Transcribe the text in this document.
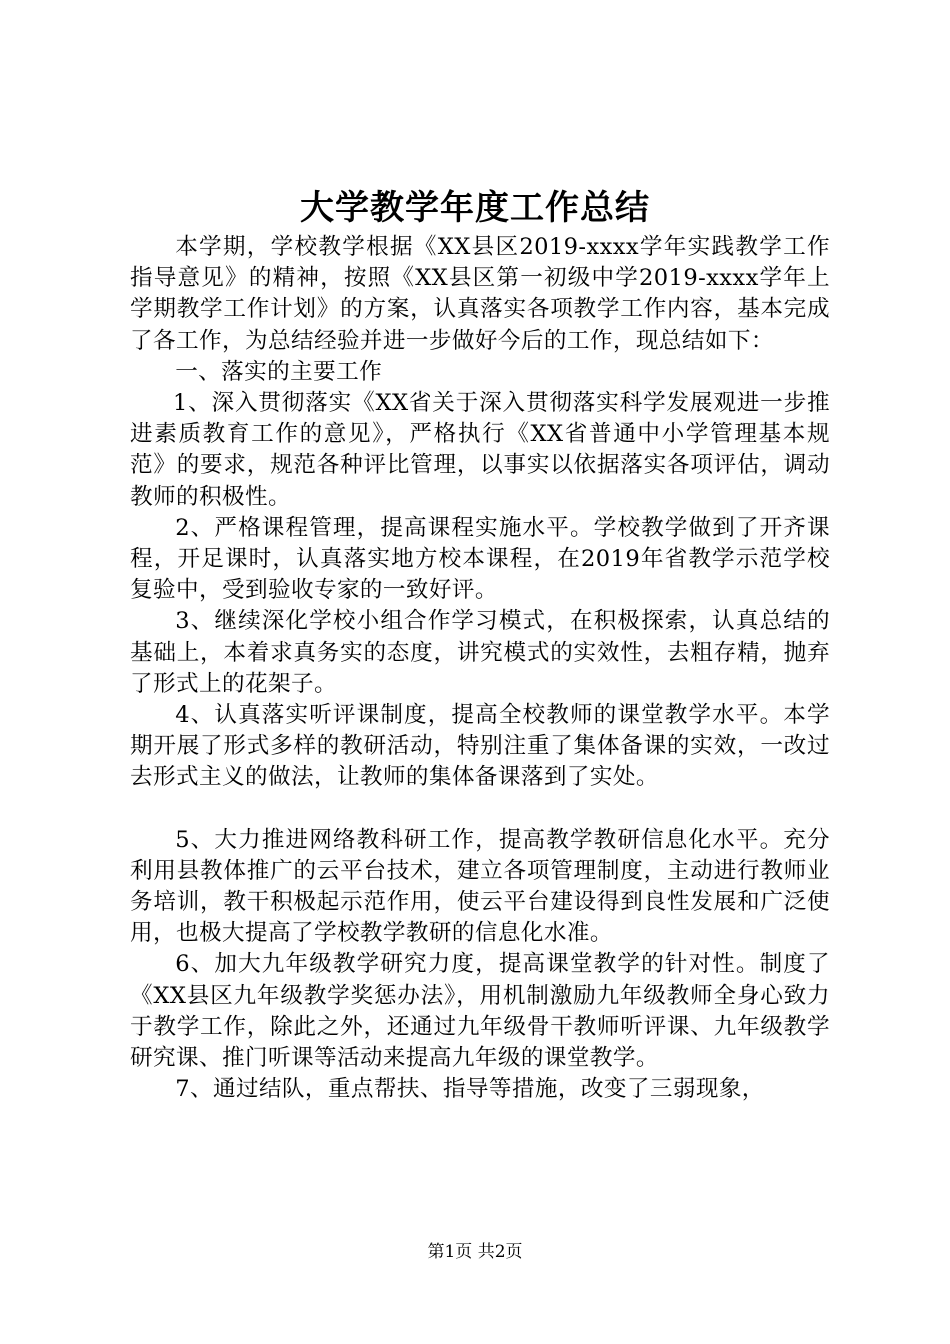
大学教学年度工作总结

本学期，学校教学根据《XX县区2019-xxxx学年实践教学工作指导意见》的精神，按照《XX县区第一初级中学2019-xxxx学年上学期教学工作计划》的方案，认真落实各项教学工作内容，基本完成了各工作，为总结经验并进一步做好今后的工作，现总结如下：

一、落实的主要工作

1、深入贯彻落实《XX省关于深入贯彻落实科学发展观进一步推进素质教育工作的意见》，严格执行《XX省普通中小学管理基本规范》的要求，规范各种评比管理，以事实以依据落实各项评估，调动教师的积极性。

2、严格课程管理，提高课程实施水平。学校教学做到了开齐课程，开足课时，认真落实地方校本课程，在2019年省教学示范学校复验中，受到验收专家的一致好评。

3、继续深化学校小组合作学习模式，在积极探索，认真总结的基础上，本着求真务实的态度，讲究模式的实效性，去粗存精，抛弃了形式上的花架子。

4、认真落实听评课制度，提高全校教师的课堂教学水平。本学期开展了形式多样的教研活动，特别注重了集体备课的实效，一改过去形式主义的做法，让教师的集体备课落到了实处。

5、大力推进网络教科研工作，提高教学教研信息化水平。充分利用县教体推广的云平台技术，建立各项管理制度，主动进行教师业务培训，教干积极起示范作用，使云平台建设得到良性发展和广泛使用，也极大提高了学校教学教研的信息化水准。

6、加大九年级教学研究力度，提高课堂教学的针对性。制度了《XX县区九年级教学奖惩办法》，用机制激励九年级教师全身心致力于教学工作，除此之外，还通过九年级骨干教师听评课、九年级教学研究课、推门听课等活动来提高九年级的课堂教学。

7、通过结队，重点帮扶、指导等措施，改变了三弱现象，

第1页 共2页
